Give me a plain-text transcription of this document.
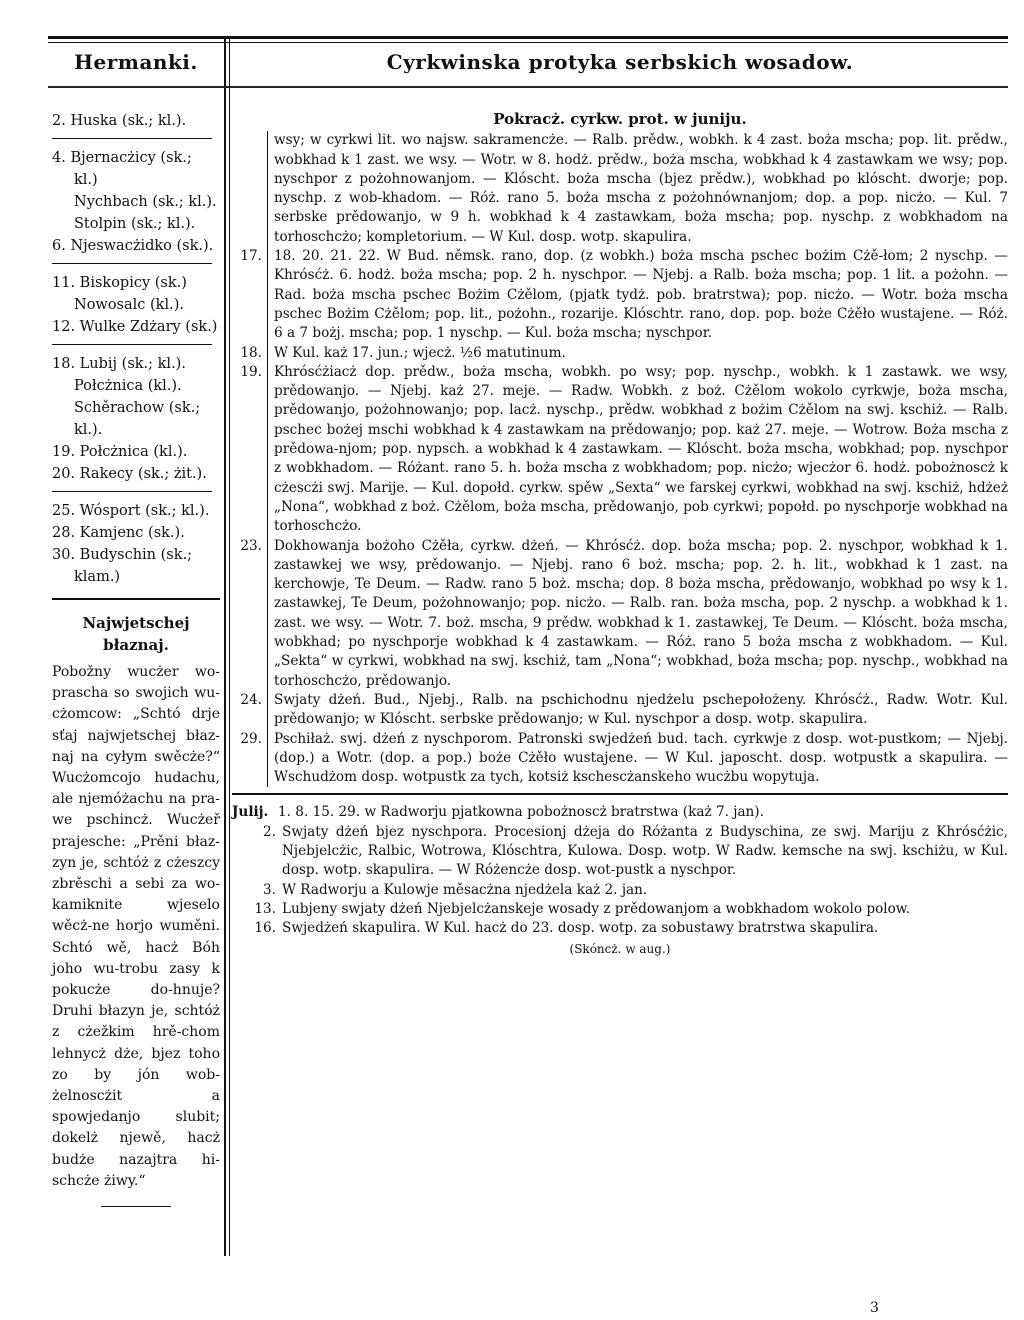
Hermanki.	Cyrkwinska protyka serbskich wosadow.

2. Huska (sk.; kl.).

4. Bjernacżicy (sk.;

kl.)

Nychbach (sk.; kl.).

Stolpin (sk.; kl.).

6. Njeswacżidko (sk.).

11. Biskopicy (sk.)

Nowosalc (kl.).

12. Wulke Zdżary (sk.)

18. Lubij (sk.; kl.).

Połcżnica (kl.).

Schěrachow (sk.;

kl.).

19. Połcżnica (kl.).

20. Rakecy (sk.; żit.).

25. Wósport (sk.; kl.).

28. Kamjenc (sk.).

30. Budyschin (sk.;

klam.)

Najwjetschej błaznaj.
Pobožny wucżer wo-prascha so swojich wu-cżomcow: „Schtó drje sťaj najwjetschej błaz-naj na cyłym swěcże?“ Wucżomcojo hudachu, ale njemóżachu na pra-we pschincż. Wucżeř prajesche: „Prěni błaz-zyn je, schtóż z cżeszcy zbrěschi a sebi za wo-kamiknite wjeselo wěcż-ne horjo wuměni. Schtó wě, hacż Bóh joho wu-trobu zasy k pokucże do-hnuje? Druhi błazyn je, schtóż z cżežkim hrě-chom lehnycż dże, bjez toho zo by jón wob-żelnoscżit a spowjedanjo slubit; dokelż njewě, hacż budże nazajtra hi-schcże żiwy.“
Pokracż. cyrkw. prot. w juniju.
wsy; w cyrkwi lit. wo najsw. sakramencże. — Ralb. prědw., wobkh. k 4 zast. boża mscha; pop. lit. prědw., wobkhad k 1 zast. we wsy. — Wotr. w 8. hodż. prědw., boża mscha, wobkhad k 4 zastawkam we wsy; pop. nyschpor z pożohnowanjom. — Klóscht. boża mscha (bjez prědw.), wobkhad po klóscht. dworje; pop. nyschp. z wob-khadom. — Róż. rano 5. boża mscha z pożohnównanjom; dop. a pop. nicżo. — Kul. 7 serbske prědowanjo, w 9 h. wobkhad k 4 zastawkam, boża mscha; pop. nyschp. z wobkhadom na torhoschcżo; kompletorium. — W Kul. dosp. wotp. skapulira.
17. 18. 20. 21. 22. W Bud. němsk. rano, dop. (z wobkh.) boża mscha pschec bożim Cżě-łom; 2 nyschp. — Khrósćż. 6. hodż. boża mscha; pop. 2 h. nyschpor. — Njebj. a Ralb. boża mscha; pop. 1 lit. a pożohn. — Rad. boża mscha pschec Bożim Cżělom, (pjatk tydż. pob. bratrstwa); pop. nicżo. — Wotr. boża mscha pschec Bożim Cżělom; pop. lit., pożohn., rozarije. Klóschtr. rano, dop. pop. boże Cżěło wustajene. — Róż. 6 a 7 bożj. mscha; pop. 1 nyschp. — Kul. boża mscha; nyschpor.
18. W Kul. każ 17. jun.; wjecż. ½6 matutinum.
19. Khrósćżiacż dop. prědw., boża mscha, wobkh. po wsy; pop. nyschp., wobkh. k 1 zastawk. we wsy, prědowanjo. — Njebj. każ 27. meje. — Radw. Wobkh. z boż. Cżělom wokolo cyrkwje, boża mscha, prědowanjo, pożohnowanjo; pop. lacż. nyschp., prědw. wobkhad z bożim Cżělom na swj. kschiż. — Ralb. pschec bożej mschi wobkhad k 4 zastawkam na prědowanjo; pop. każ 27. meje. — Wotrow. Boża mscha z prědowa-njom; pop. nypsch. a wobkhad k 4 zastawkam. — Klóscht. boża mscha, wobkhad; pop. nyschpor z wobkhadom. — Różant. rano 5. h. boża mscha z wobkhadom; pop. nicżo; wjecżor 6. hodż. pobożnoscż k cżescżi swj. Marije. — Kul. dopołd. cyrkw. spěw „Sexta“ we farskej cyrkwi, wobkhad na swj. kschiż, hdżeż „Nona“, wobkhad z boż. Cżělom, boża mscha, prědowanjo, pob cyrkwi; popołd. po nyschporje wobkhad na torhoschcżo.
23. Dokhowanja bożoho Cżěła, cyrkw. dżeń. — Khrósćż. dop. boża mscha; pop. 2. nyschpor, wobkhad k 1. zastawkej we wsy, prědowanjo. — Njebj. rano 6 boż. mscha; pop. 2. h. lit., wobkhad k 1 zast. na kerchowje, Te Deum. — Radw. rano 5 boż. mscha; dop. 8 boża mscha, prědowanjo, wobkhad po wsy k 1. zastawkej, Te Deum, pożohnowanjo; pop. nicżo. — Ralb. ran. boża mscha, pop. 2 nyschp. a wobkhad k 1. zast. we wsy. — Wotr. 7. boż. mscha, 9 prědw. wobkhad k 1. zastawkej, Te Deum. — Klóscht. boża mscha, wobkhad; po nyschporje wobkhad k 4 zastawkam. — Róż. rano 5 boża mscha z wobkhadom. — Kul. „Sekta“ w cyrkwi, wobkhad na swj. kschiż, tam „Nona“; wobkhad, boża mscha; pop. nyschp., wobkhad na torhoschcżo, prědowanjo.
24. Swjaty dżeń. Bud., Njebj., Ralb. na pschichodnu njedżelu pschepołożeny. Khrósćż., Radw. Wotr. Kul. prědowanjo; w Klóscht. serbske prědowanjo; w Kul. nyschpor a dosp. wotp. skapulira.
29. Pschiłaż. swj. dżeń z nyschporom. Patronski swjedżeń bud. tach. cyrkwje z dosp. wot-pustkom; — Njebj. (dop.) a Wotr. (dop. a pop.) boże Cżěło wustajene. — W Kul. japoscht. dosp. wotpustk a skapulira. — Wschudżom dosp. wotpustk za tych, kotsiż kschescżanskeho wucżbu wopytuja.
Julij. 1. 8. 15. 29. w Radworju pjatkowna pobożnoscż bratrstwa (każ 7. jan).
2. Swjaty dżeń bjez nyschpora. Procesionj dżeja do Różanta z Budyschina, ze swj. Mariju z Khrósćżic, Njebjelcżic, Ralbic, Wotrowa, Klóschtra, Kulowa. Dosp. wotp. W Radw. kemsche na swj. kschiżu, w Kul. dosp. wotp. skapulira. — W Różencże dosp. wot-pustk a nyschpor.
3. W Radworju a Kulowje měsacżna njedżela każ 2. jan.
13. Lubjeny swjaty dżeń Njebjelcżanskeje wosady z prědowanjom a wobkhadom wokolo polow.
16. Swjedżeń skapulira. W Kul. hacż do 23. dosp. wotp. za sobustawy bratrstwa skapulira.
(Skóncż. w aug.)
3
